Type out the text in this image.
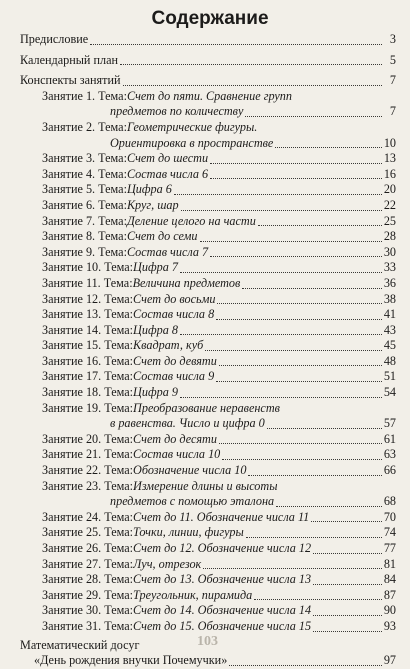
Содержание
Предисловие	3
Календарный план	5
Конспекты занятий	7
Занятие 1. Тема: Счет до пяти. Сравнение групп
предметов по количеству	7
Занятие 2. Тема: Геометрические фигуры.
Ориентировка в пространстве	10
Занятие 3. Тема: Счет до шести	13
Занятие 4. Тема: Состав числа 6	16
Занятие 5. Тема: Цифра 6	20
Занятие 6. Тема: Круг, шар	22
Занятие 7. Тема: Деление целого на части	25
Занятие 8. Тема: Счет до семи	28
Занятие 9. Тема: Состав числа 7	30
Занятие 10. Тема: Цифра 7	33
Занятие 11. Тема: Величина предметов	36
Занятие 12. Тема: Счет до восьми	38
Занятие 13. Тема: Состав числа 8	41
Занятие 14. Тема: Цифра 8	43
Занятие 15. Тема: Квадрат, куб	45
Занятие 16. Тема: Счет до девяти	48
Занятие 17. Тема: Состав числа 9	51
Занятие 18. Тема: Цифра 9	54
Занятие 19. Тема: Преобразование неравенств
в равенства. Число и цифра 0	57
Занятие 20. Тема: Счет до десяти	61
Занятие 21. Тема: Состав числа 10	63
Занятие 22. Тема: Обозначение числа 10	66
Занятие 23. Тема: Измерение длины и высоты
предметов с помощью эталона	68
Занятие 24. Тема: Счет до 11. Обозначение числа 11	70
Занятие 25. Тема: Точки, линии, фигуры	74
Занятие 26. Тема: Счет до 12. Обозначение числа 12	77
Занятие 27. Тема: Луч, отрезок	81
Занятие 28. Тема: Счет до 13. Обозначение числа 13	84
Занятие 29. Тема: Треугольник, пирамида	87
Занятие 30. Тема: Счет до 14. Обозначение числа 14	90
Занятие 31. Тема: Счет до 15. Обозначение числа 15	93
Математический досуг
«День рождения внучки Почемучки»	97
103
